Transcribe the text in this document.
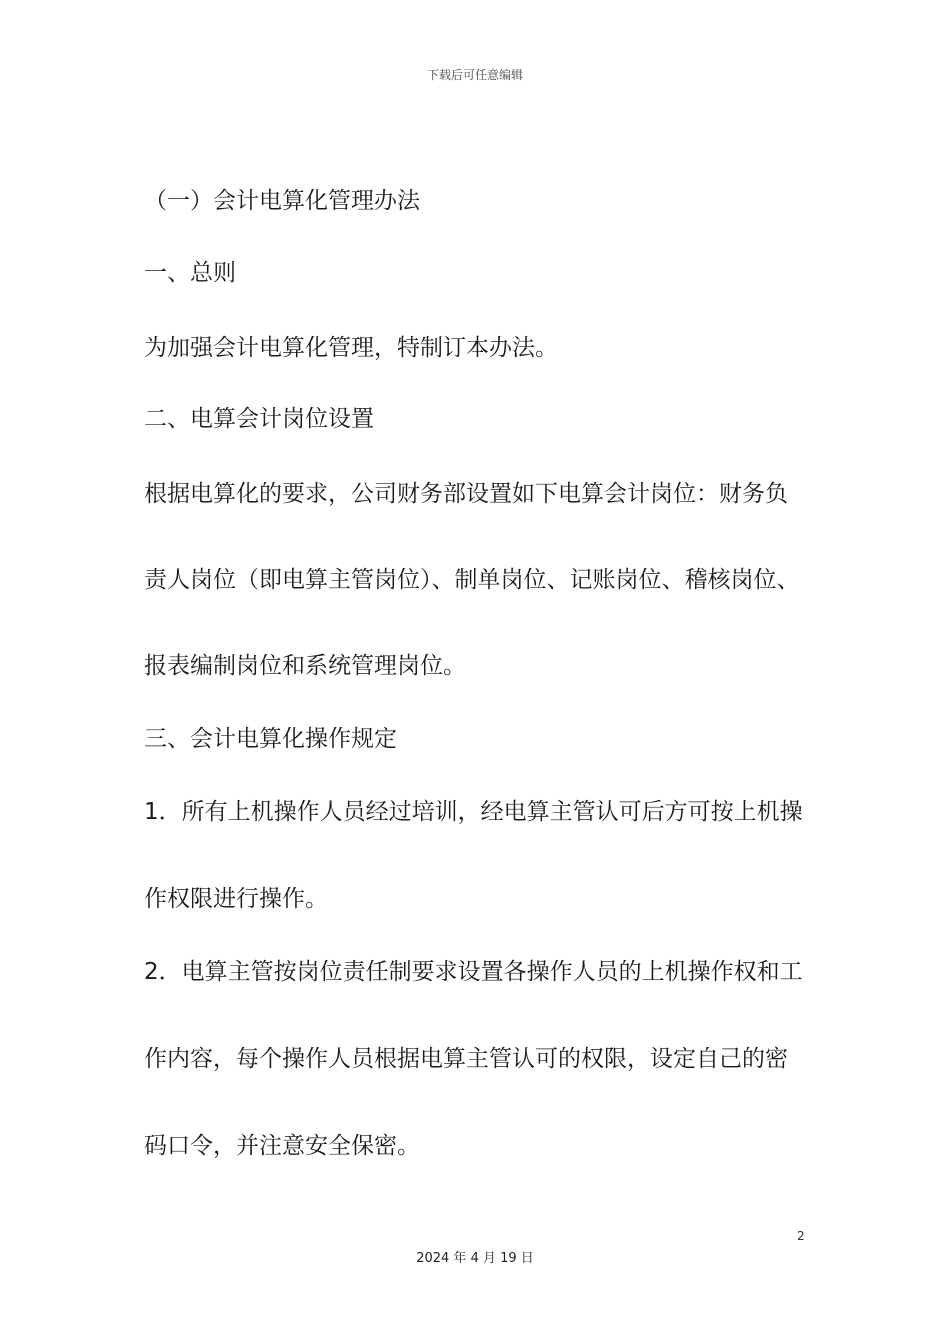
下载后可任意编辑
（一）会计电算化管理办法
一、总则
为加强会计电算化管理，特制订本办法。
二、电算会计岗位设置
根据电算化的要求，公司财务部设置如下电算会计岗位：财务负
责人岗位（即电算主管岗位）、制单岗位、记账岗位、稽核岗位、
报表编制岗位和系统管理岗位。
三、会计电算化操作规定
1．所有上机操作人员经过培训，经电算主管认可后方可按上机操
作权限进行操作。
2．电算主管按岗位责任制要求设置各操作人员的上机操作权和工
作内容，每个操作人员根据电算主管认可的权限，设定自己的密
码口令，并注意安全保密。
2
2024 年 4 月 19 日
